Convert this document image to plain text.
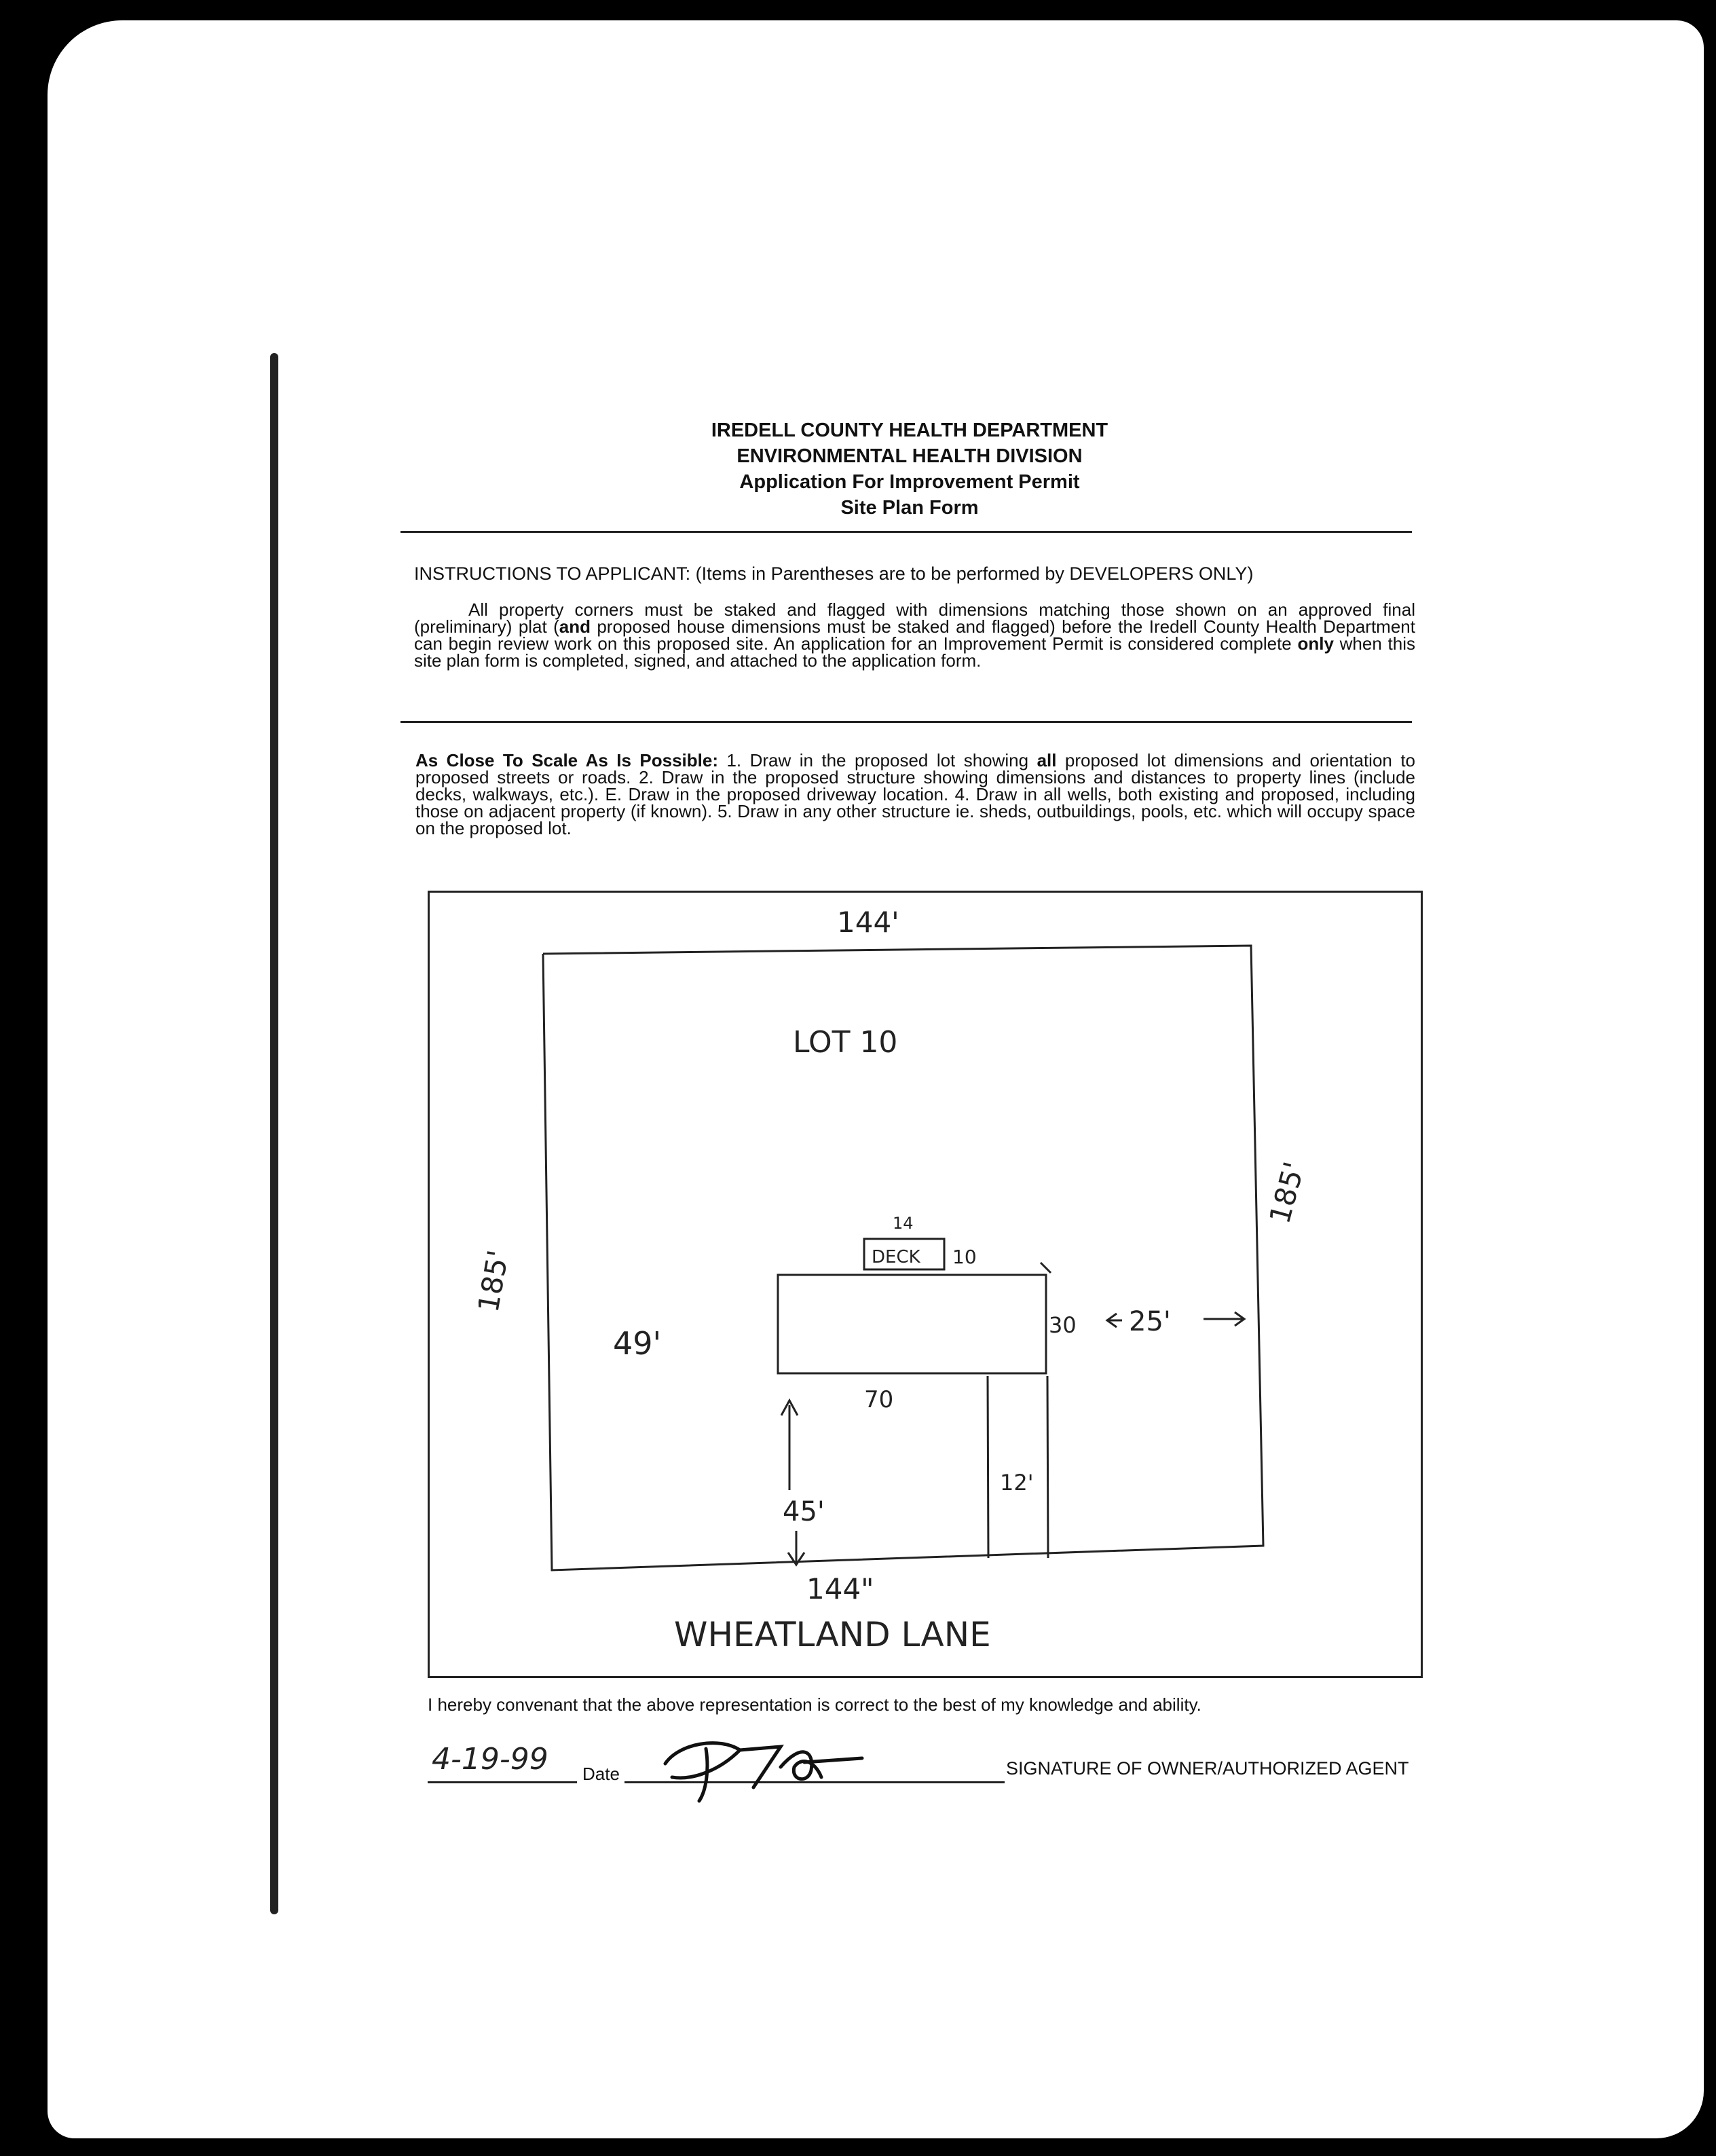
IREDELL COUNTY HEALTH DEPARTMENT
ENVIRONMENTAL HEALTH DIVISION
Application For Improvement Permit
Site Plan Form
INSTRUCTIONS TO APPLICANT: (Items in Parentheses are to be performed by DEVELOPERS ONLY)

All property corners must be staked and flagged with dimensions matching those shown on an approved final (preliminary) plat (and proposed house dimensions must be staked and flagged) before the Iredell County Health Department can begin review work on this proposed site. An application for an Improvement Permit is considered complete only when this site plan form is completed, signed, and attached to the application form.

As Close To Scale As Is Possible: 1. Draw in the proposed lot showing all proposed lot dimensions and orientation to proposed streets or roads. 2. Draw in the proposed structure showing dimensions and distances to property lines (include decks, walkways, etc.). E. Draw in the proposed driveway location. 4. Draw in all wells, both existing and proposed, including those on adjacent property (if known). 5. Draw in any other structure ie. sheds, outbuildings, pools, etc. which will occupy space on the proposed lot.

144'
LOT 10
185'
185'
14
DECK 10
30 25'
49'
70
45'
12'
144"
WHEATLAND LANE
I hereby convenant that the above representation is correct to the best of my knowledge and ability.
4-19-99 Date	SIGNATURE OF OWNER/AUTHORIZED AGENT
